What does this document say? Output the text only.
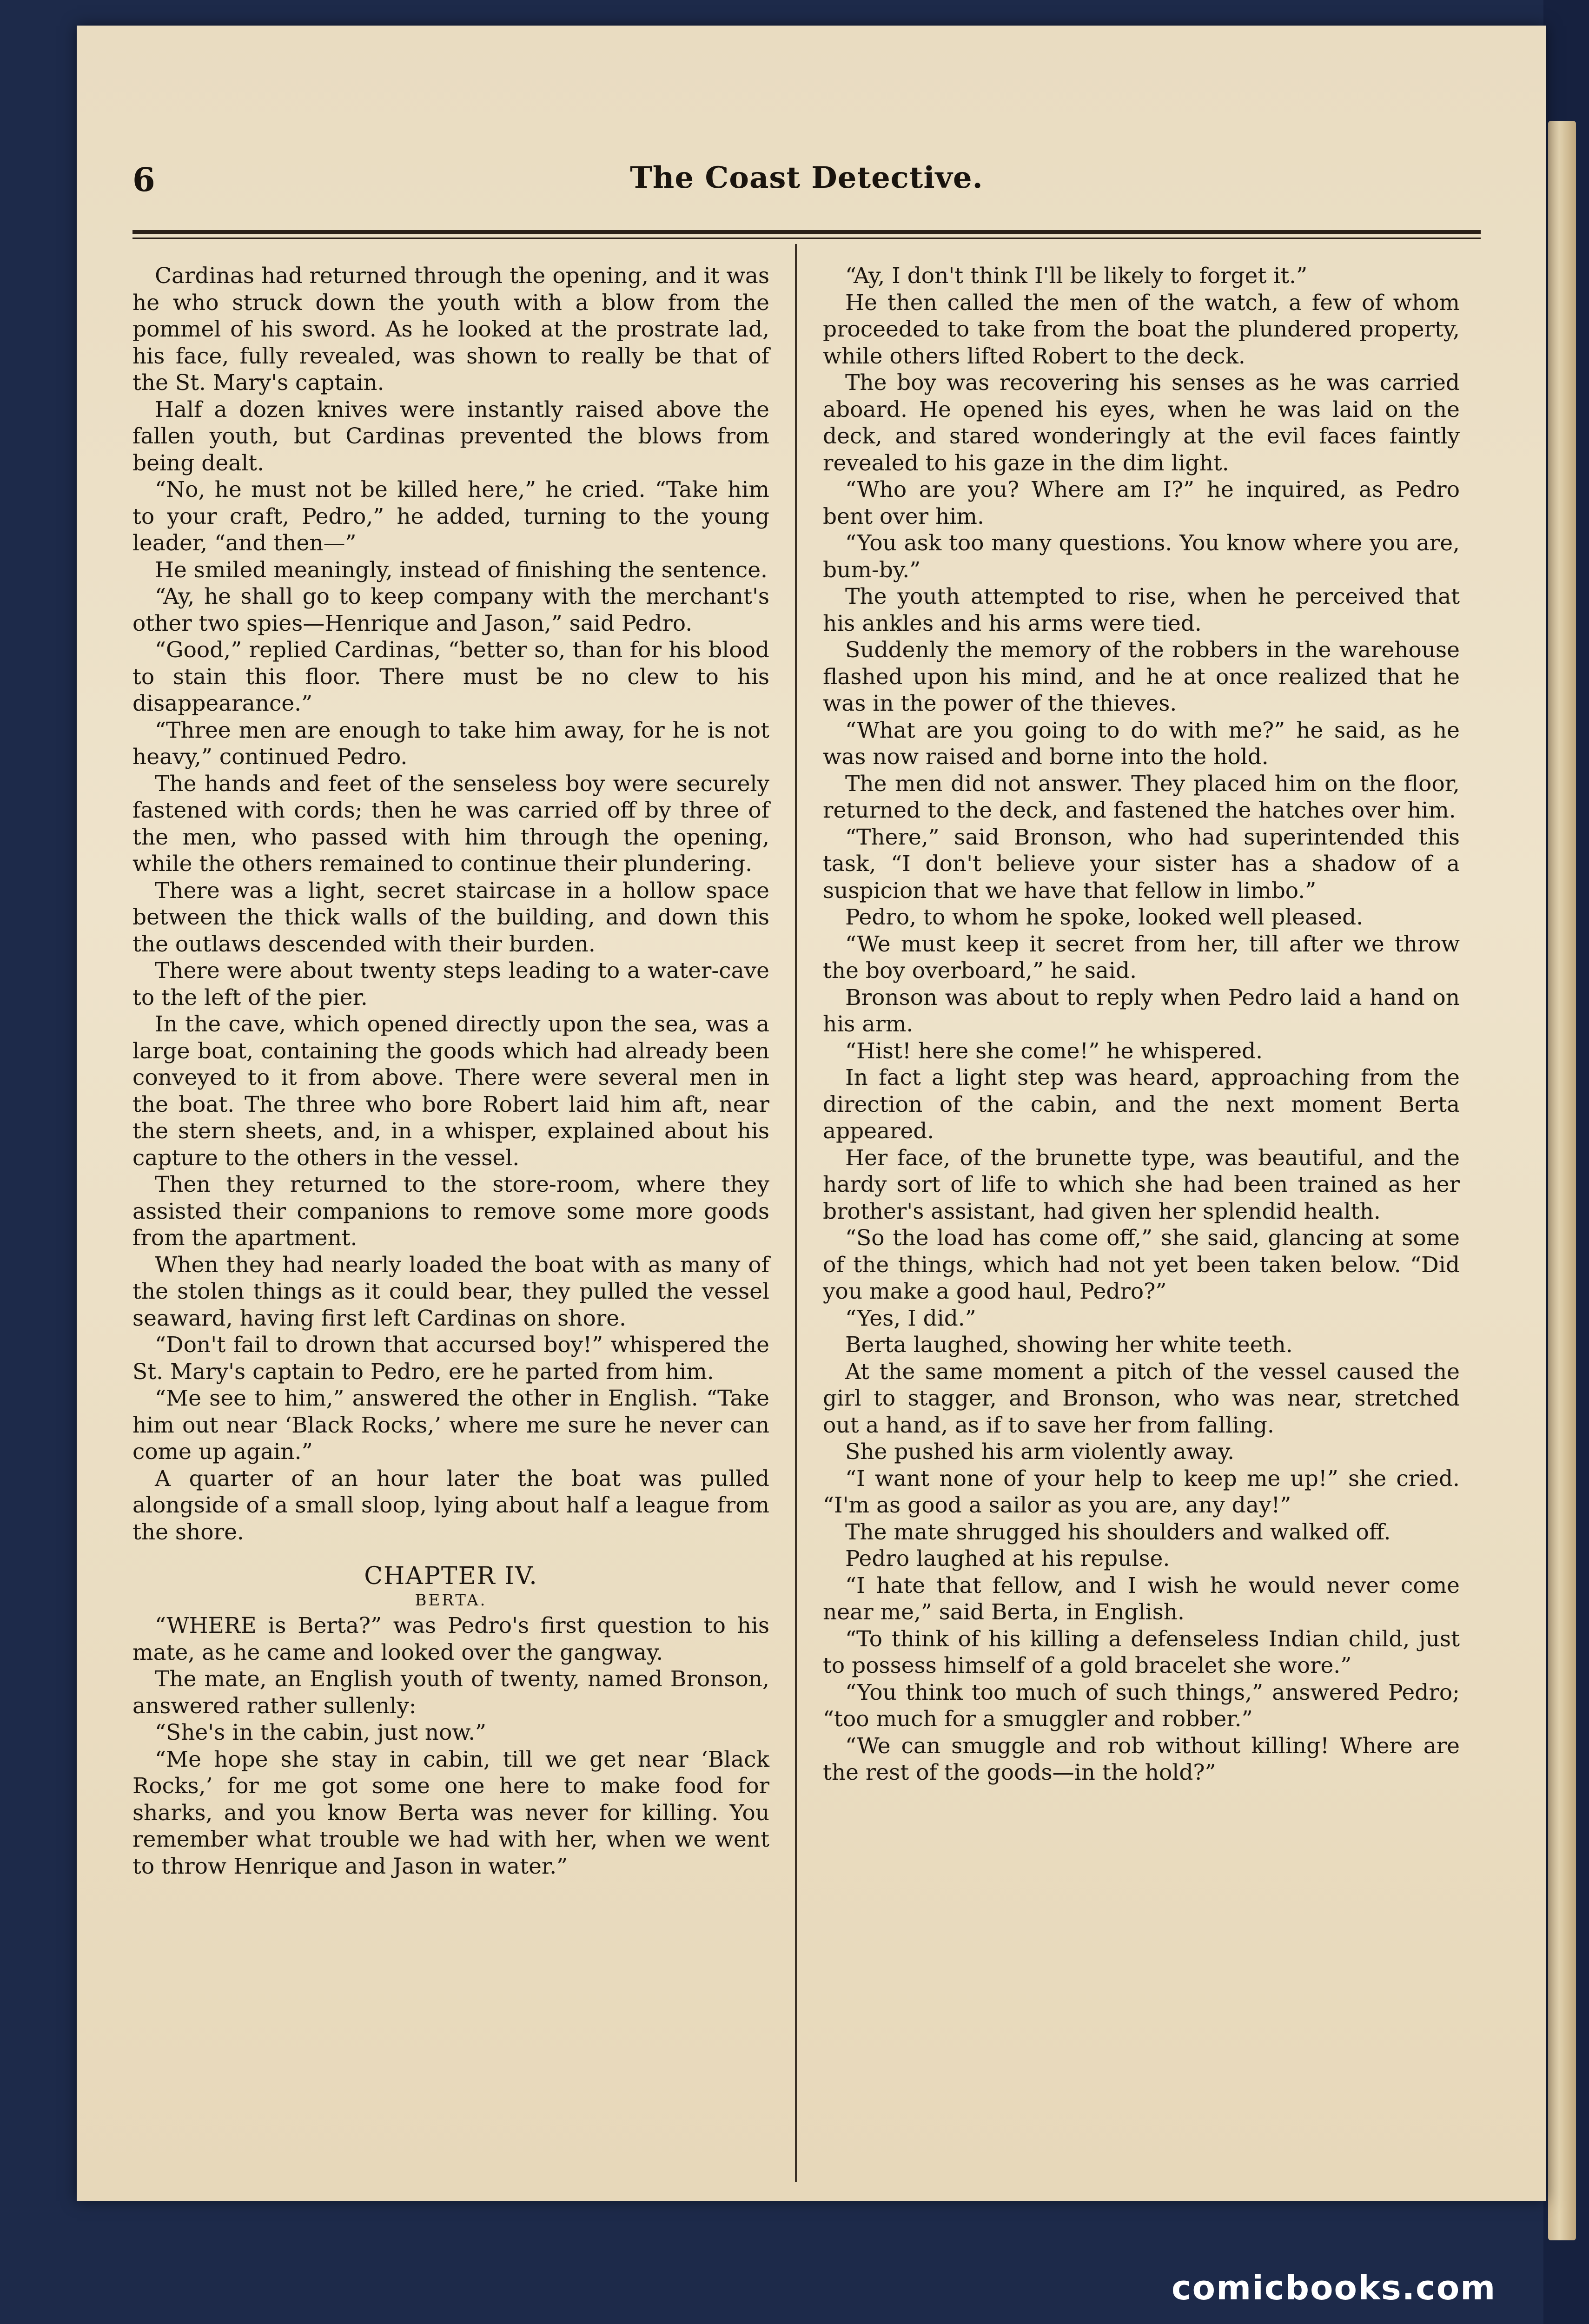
6	The Coast Detective.

Cardinas had returned through the opening, and it was he who struck down the youth with a blow from the pommel of his sword. As he looked at the prostrate lad, his face, fully revealed, was shown to really be that of the St. Mary's captain.

Half a dozen knives were instantly raised above the fallen youth, but Cardinas prevented the blows from being dealt.

“No, he must not be killed here,” he cried. “Take him to your craft, Pedro,” he added, turning to the young leader, “and then—”

He smiled meaningly, instead of finishing the sentence.

“Ay, he shall go to keep company with the merchant's other two spies—Henrique and Jason,” said Pedro.

“Good,” replied Cardinas, “better so, than for his blood to stain this floor. There must be no clew to his disappearance.”

“Three men are enough to take him away, for he is not heavy,” continued Pedro.

The hands and feet of the senseless boy were securely fastened with cords; then he was carried off by three of the men, who passed with him through the opening, while the others remained to continue their plundering.

There was a light, secret staircase in a hollow space between the thick walls of the building, and down this the outlaws descended with their burden.

There were about twenty steps leading to a water-cave to the left of the pier.

In the cave, which opened directly upon the sea, was a large boat, containing the goods which had already been conveyed to it from above. There were several men in the boat. The three who bore Robert laid him aft, near the stern sheets, and, in a whisper, explained about his capture to the others in the vessel.

Then they returned to the store-room, where they assisted their companions to remove some more goods from the apartment.

When they had nearly loaded the boat with as many of the stolen things as it could bear, they pulled the vessel seaward, having first left Cardinas on shore.

“Don't fail to drown that accursed boy!” whispered the St. Mary's captain to Pedro, ere he parted from him.

“Me see to him,” answered the other in English. “Take him out near ‘Black Rocks,’ where me sure he never can come up again.”

A quarter of an hour later the boat was pulled alongside of a small sloop, lying about half a league from the shore.

CHAPTER IV.
BERTA.

“WHERE is Berta?” was Pedro's first question to his mate, as he came and looked over the gangway.

The mate, an English youth of twenty, named Bronson, answered rather sullenly:

“She's in the cabin, just now.”

“Me hope she stay in cabin, till we get near ‘Black Rocks,’ for me got some one here to make food for sharks, and you know Berta was never for killing. You remember what trouble we had with her, when we went to throw Henrique and Jason in water.”

“Ay, I don't think I'll be likely to forget it.”

He then called the men of the watch, a few of whom proceeded to take from the boat the plundered property, while others lifted Robert to the deck.

The boy was recovering his senses as he was carried aboard. He opened his eyes, when he was laid on the deck, and stared wonderingly at the evil faces faintly revealed to his gaze in the dim light.

“Who are you? Where am I?” he inquired, as Pedro bent over him.

“You ask too many questions. You know where you are, bum-by.”

The youth attempted to rise, when he perceived that his ankles and his arms were tied.

Suddenly the memory of the robbers in the warehouse flashed upon his mind, and he at once realized that he was in the power of the thieves.

“What are you going to do with me?” he said, as he was now raised and borne into the hold.

The men did not answer. They placed him on the floor, returned to the deck, and fastened the hatches over him.

“There,” said Bronson, who had superintended this task, “I don't believe your sister has a shadow of a suspicion that we have that fellow in limbo.”

Pedro, to whom he spoke, looked well pleased.

“We must keep it secret from her, till after we throw the boy overboard,” he said.

Bronson was about to reply when Pedro laid a hand on his arm.

“Hist! here she come!” he whispered.

In fact a light step was heard, approaching from the direction of the cabin, and the next moment Berta appeared.

Her face, of the brunette type, was beautiful, and the hardy sort of life to which she had been trained as her brother's assistant, had given her splendid health.

“So the load has come off,” she said, glancing at some of the things, which had not yet been taken below. “Did you make a good haul, Pedro?”

“Yes, I did.”

Berta laughed, showing her white teeth.

At the same moment a pitch of the vessel caused the girl to stagger, and Bronson, who was near, stretched out a hand, as if to save her from falling.

She pushed his arm violently away.

“I want none of your help to keep me up!” she cried. “I'm as good a sailor as you are, any day!”

The mate shrugged his shoulders and walked off.

Pedro laughed at his repulse.

“I hate that fellow, and I wish he would never come near me,” said Berta, in English.

“To think of his killing a defenseless Indian child, just to possess himself of a gold bracelet she wore.”

“You think too much of such things,” answered Pedro; “too much for a smuggler and robber.”

“We can smuggle and rob without killing! Where are the rest of the goods—in the hold?”

comicbooks.com
